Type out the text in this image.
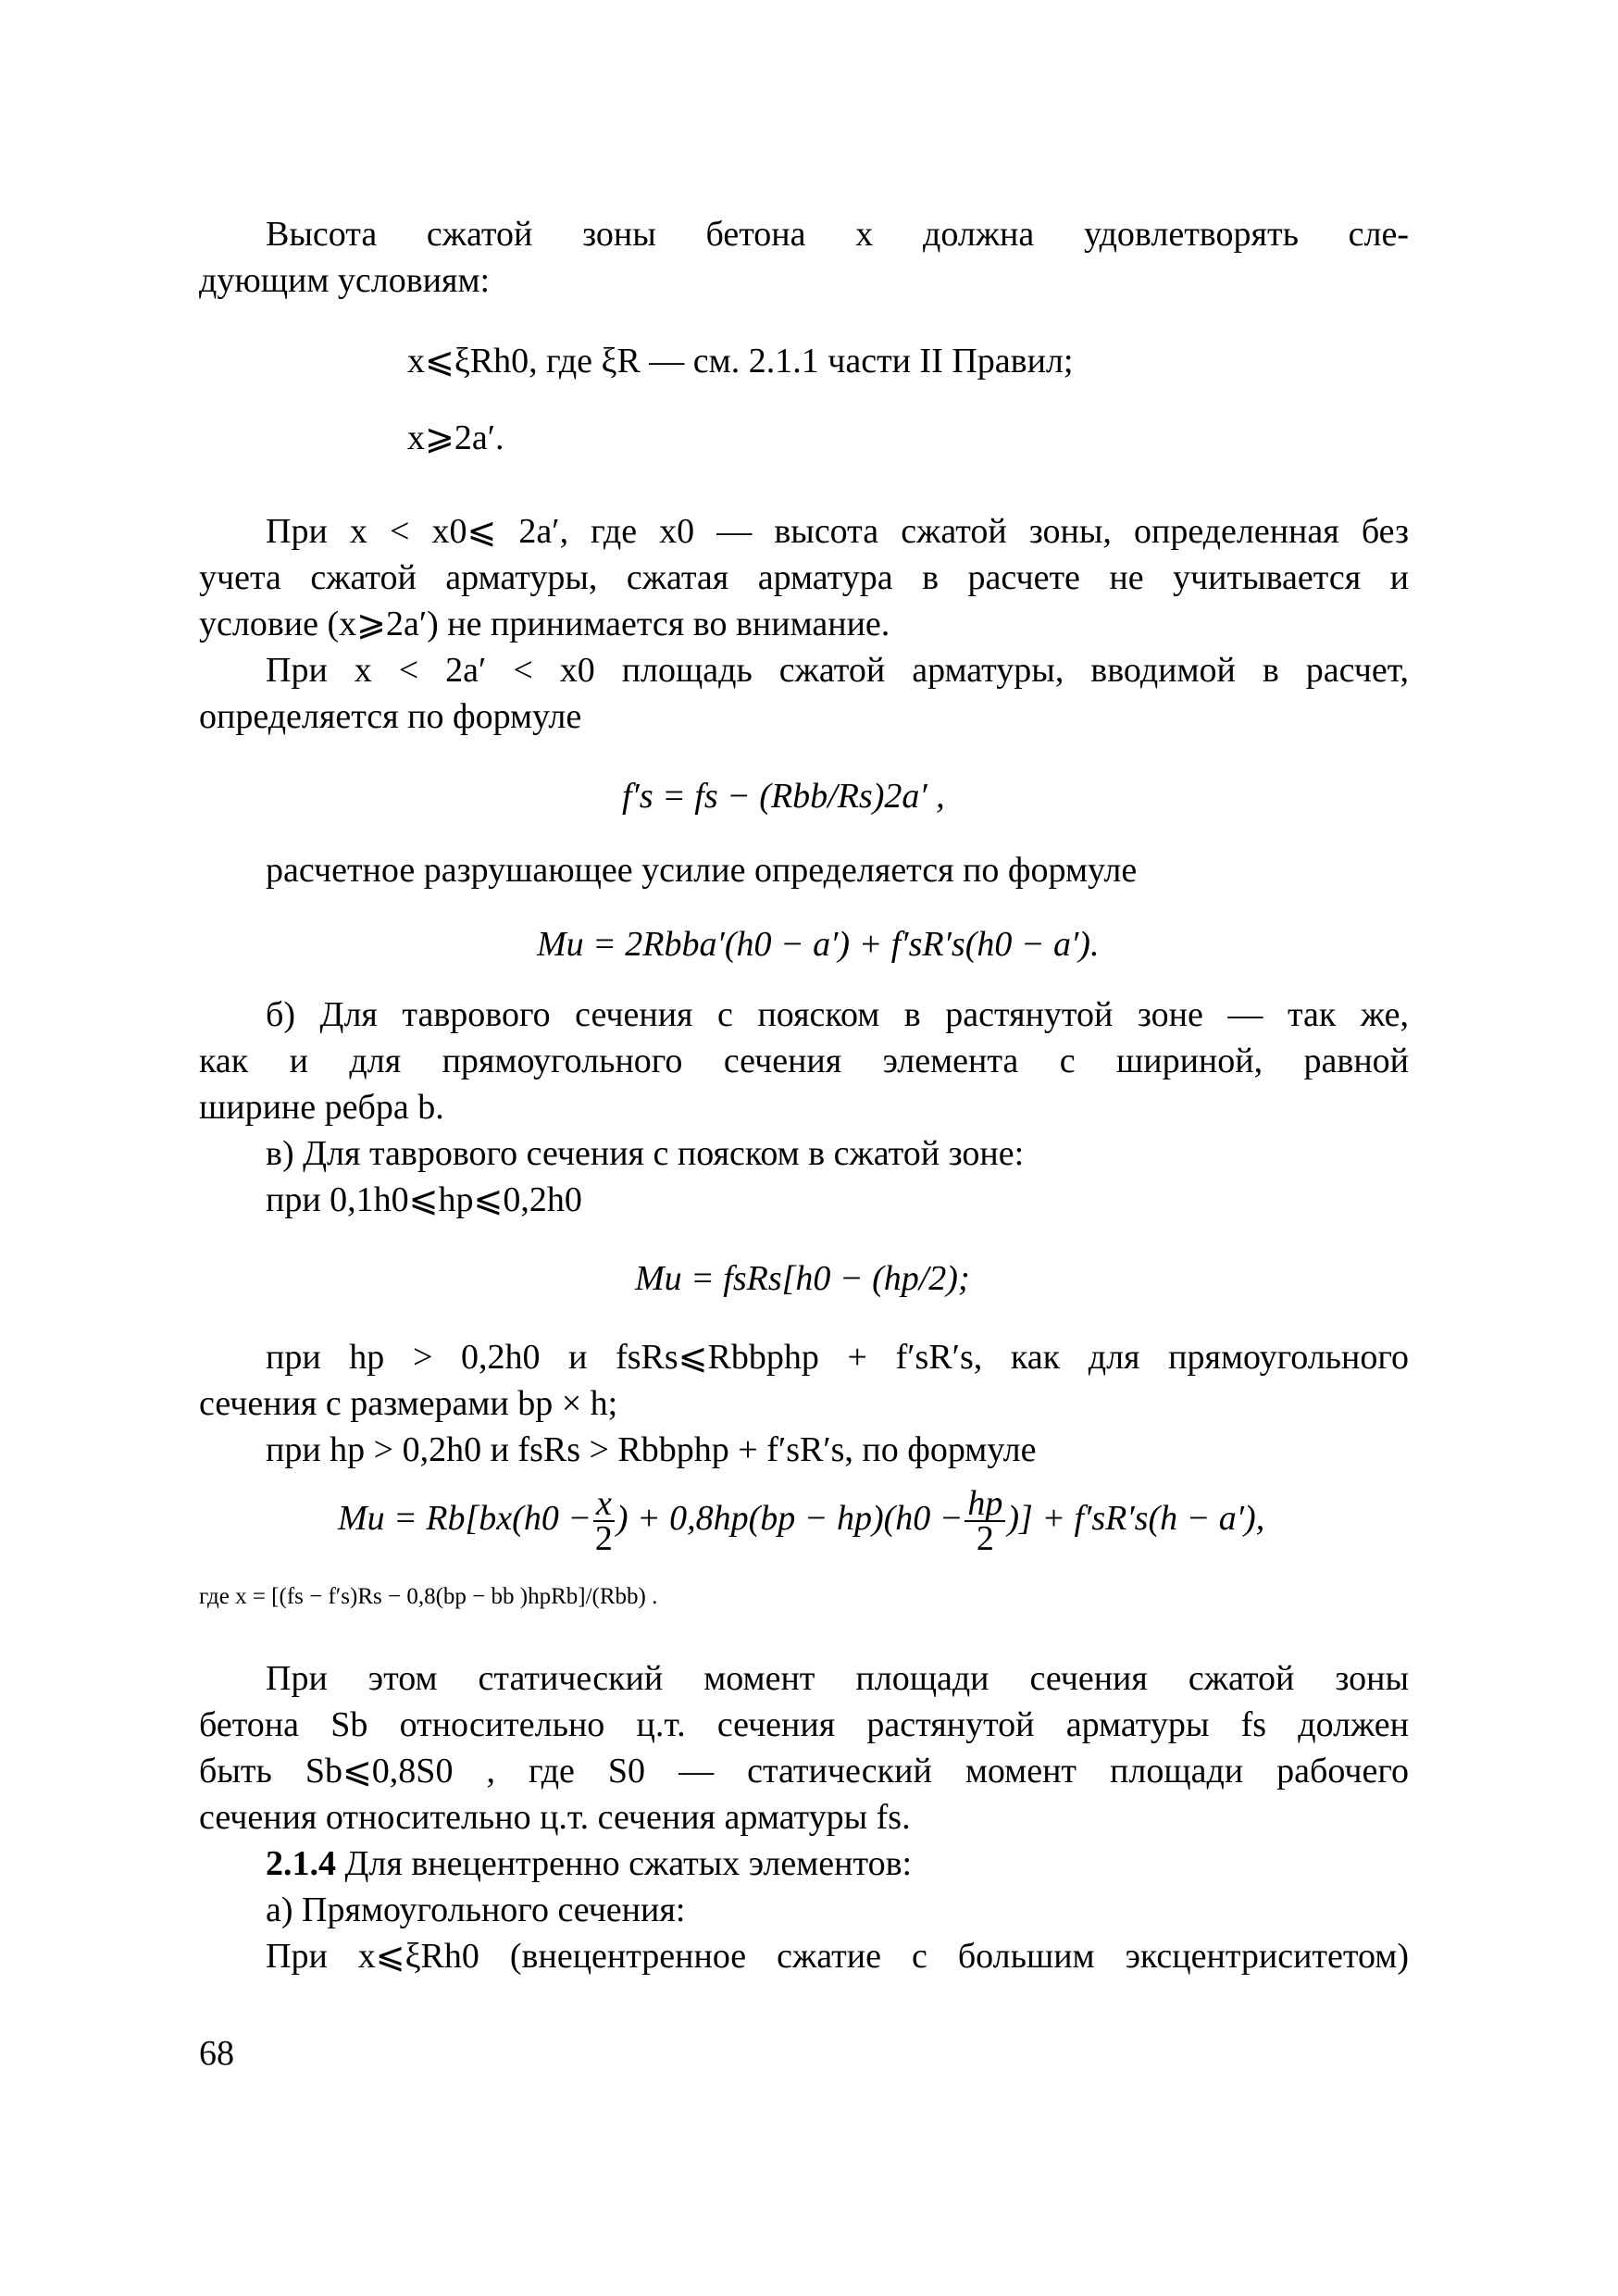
Высота сжатой зоны бетона x должна удовлетворять сле-
дующим условиям:
x⩽ξRh0, где ξR — см. 2.1.1 части II Правил;
x⩾2a′.
При x < x0⩽ 2a′, где x0 — высота сжатой зоны, определенная без
учета сжатой арматуры, сжатая арматура в расчете не учитывается и
условие (x⩾2a′) не принимается во внимание.
При x < 2a′ < x0 площадь сжатой арматуры, вводимой в расчет,
определяется по формуле
f′s = fs − (Rbb/Rs)2a′ ,
расчетное разрушающее усилие определяется по формуле
Mu = 2Rbba′(h0 − a′) + f′sR′s(h0 − a′).
б) Для таврового сечения с пояском в растянутой зоне — так же,
как и для прямоугольного сечения элемента с шириной, равной
ширине ребра b.
в) Для таврового сечения с пояском в сжатой зоне:
при 0,1h0⩽hp⩽0,2h0
Mu = fsRs[h0 − (hp/2);
при hp > 0,2h0 и fsRs⩽Rbbphp + f′sR′s, как для прямоугольного
сечения с размерами bp × h;
при hp > 0,2h0 и fsRs > Rbbphp + f′sR′s, по формуле
$Mu = Rb[bx(h0 - \frac{x}{2}$ ) + $0,8hp(bp - hp)(h0 - \frac{hp}{2}$ )] + f′sR′s(h − a′),
где x = [(fs − f′s)Rs − 0,8(bp − bb )hpRb]/(Rbb) .
При этом статический момент площади сечения сжатой зоны
бетона Sb относительно ц.т. сечения растянутой арматуры fs должен
быть Sb⩽0,8S0 , где S0 — статический момент площади рабочего
сечения относительно ц.т. сечения арматуры fs.
2.1.4 Для внецентренно сжатых элементов:
а) Прямоугольного сечения:
При x⩽ξRh0 (внецентренное сжатие с большим эксцентриситетом)
68
